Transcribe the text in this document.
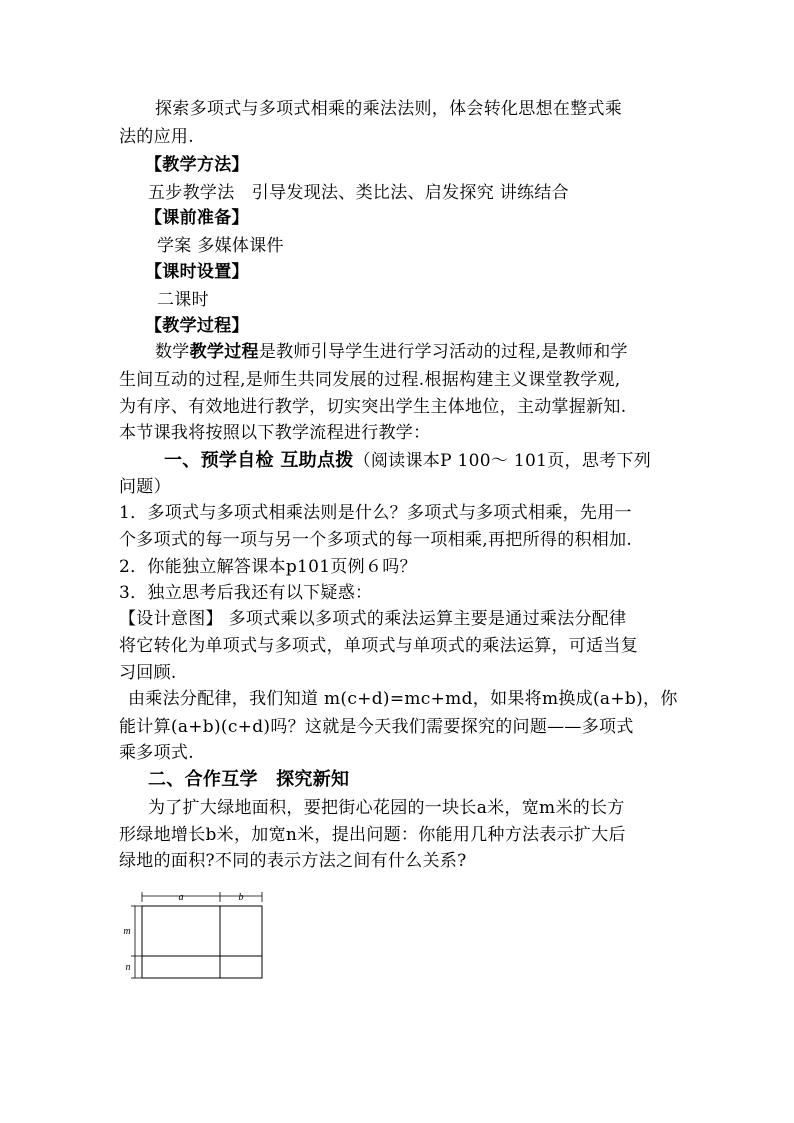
探索多项式与多项式相乘的乘法法则，体会转化思想在整式乘
法的应用.
【教学方法】
五步教学法　引导发现法、类比法、启发探究 讲练结合
【课前准备】
学案 多媒体课件
【课时设置】
二课时
【教学过程】
数学教学过程是教师引导学生进行学习活动的过程,是教师和学
生间互动的过程,是师生共同发展的过程.根据构建主义课堂教学观,
为有序、有效地进行教学，切实突出学生主体地位，主动掌握新知.
本节课我将按照以下教学流程进行教学：
一、预学自检 互助点拨（阅读课本P 100～ 101页，思考下列
问题）
1．多项式与多项式相乘法则是什么？多项式与多项式相乘，先用一
个多项式的每一项与另一个多项式的每一项相乘,再把所得的积相加.
2．你能独立解答课本p101页例６吗？
3．独立思考后我还有以下疑惑：
【设计意图】 多项式乘以多项式的乘法运算主要是通过乘法分配律
将它转化为单项式与多项式，单项式与单项式的乘法运算，可适当复
习回顾.
由乘法分配律，我们知道 m(c+d)=mc+md，如果将m换成(a+b)，你
能计算(a+b)(c+d)吗？这就是今天我们需要探究的问题——多项式
乘多项式.
二、合作互学　探究新知
为了扩大绿地面积，要把街心花园的一块长a米，宽m米的长方
形绿地增长b米，加宽n米，提出问题：你能用几种方法表示扩大后
绿地的面积?不同的表示方法之间有什么关系?
a	b
m
n
